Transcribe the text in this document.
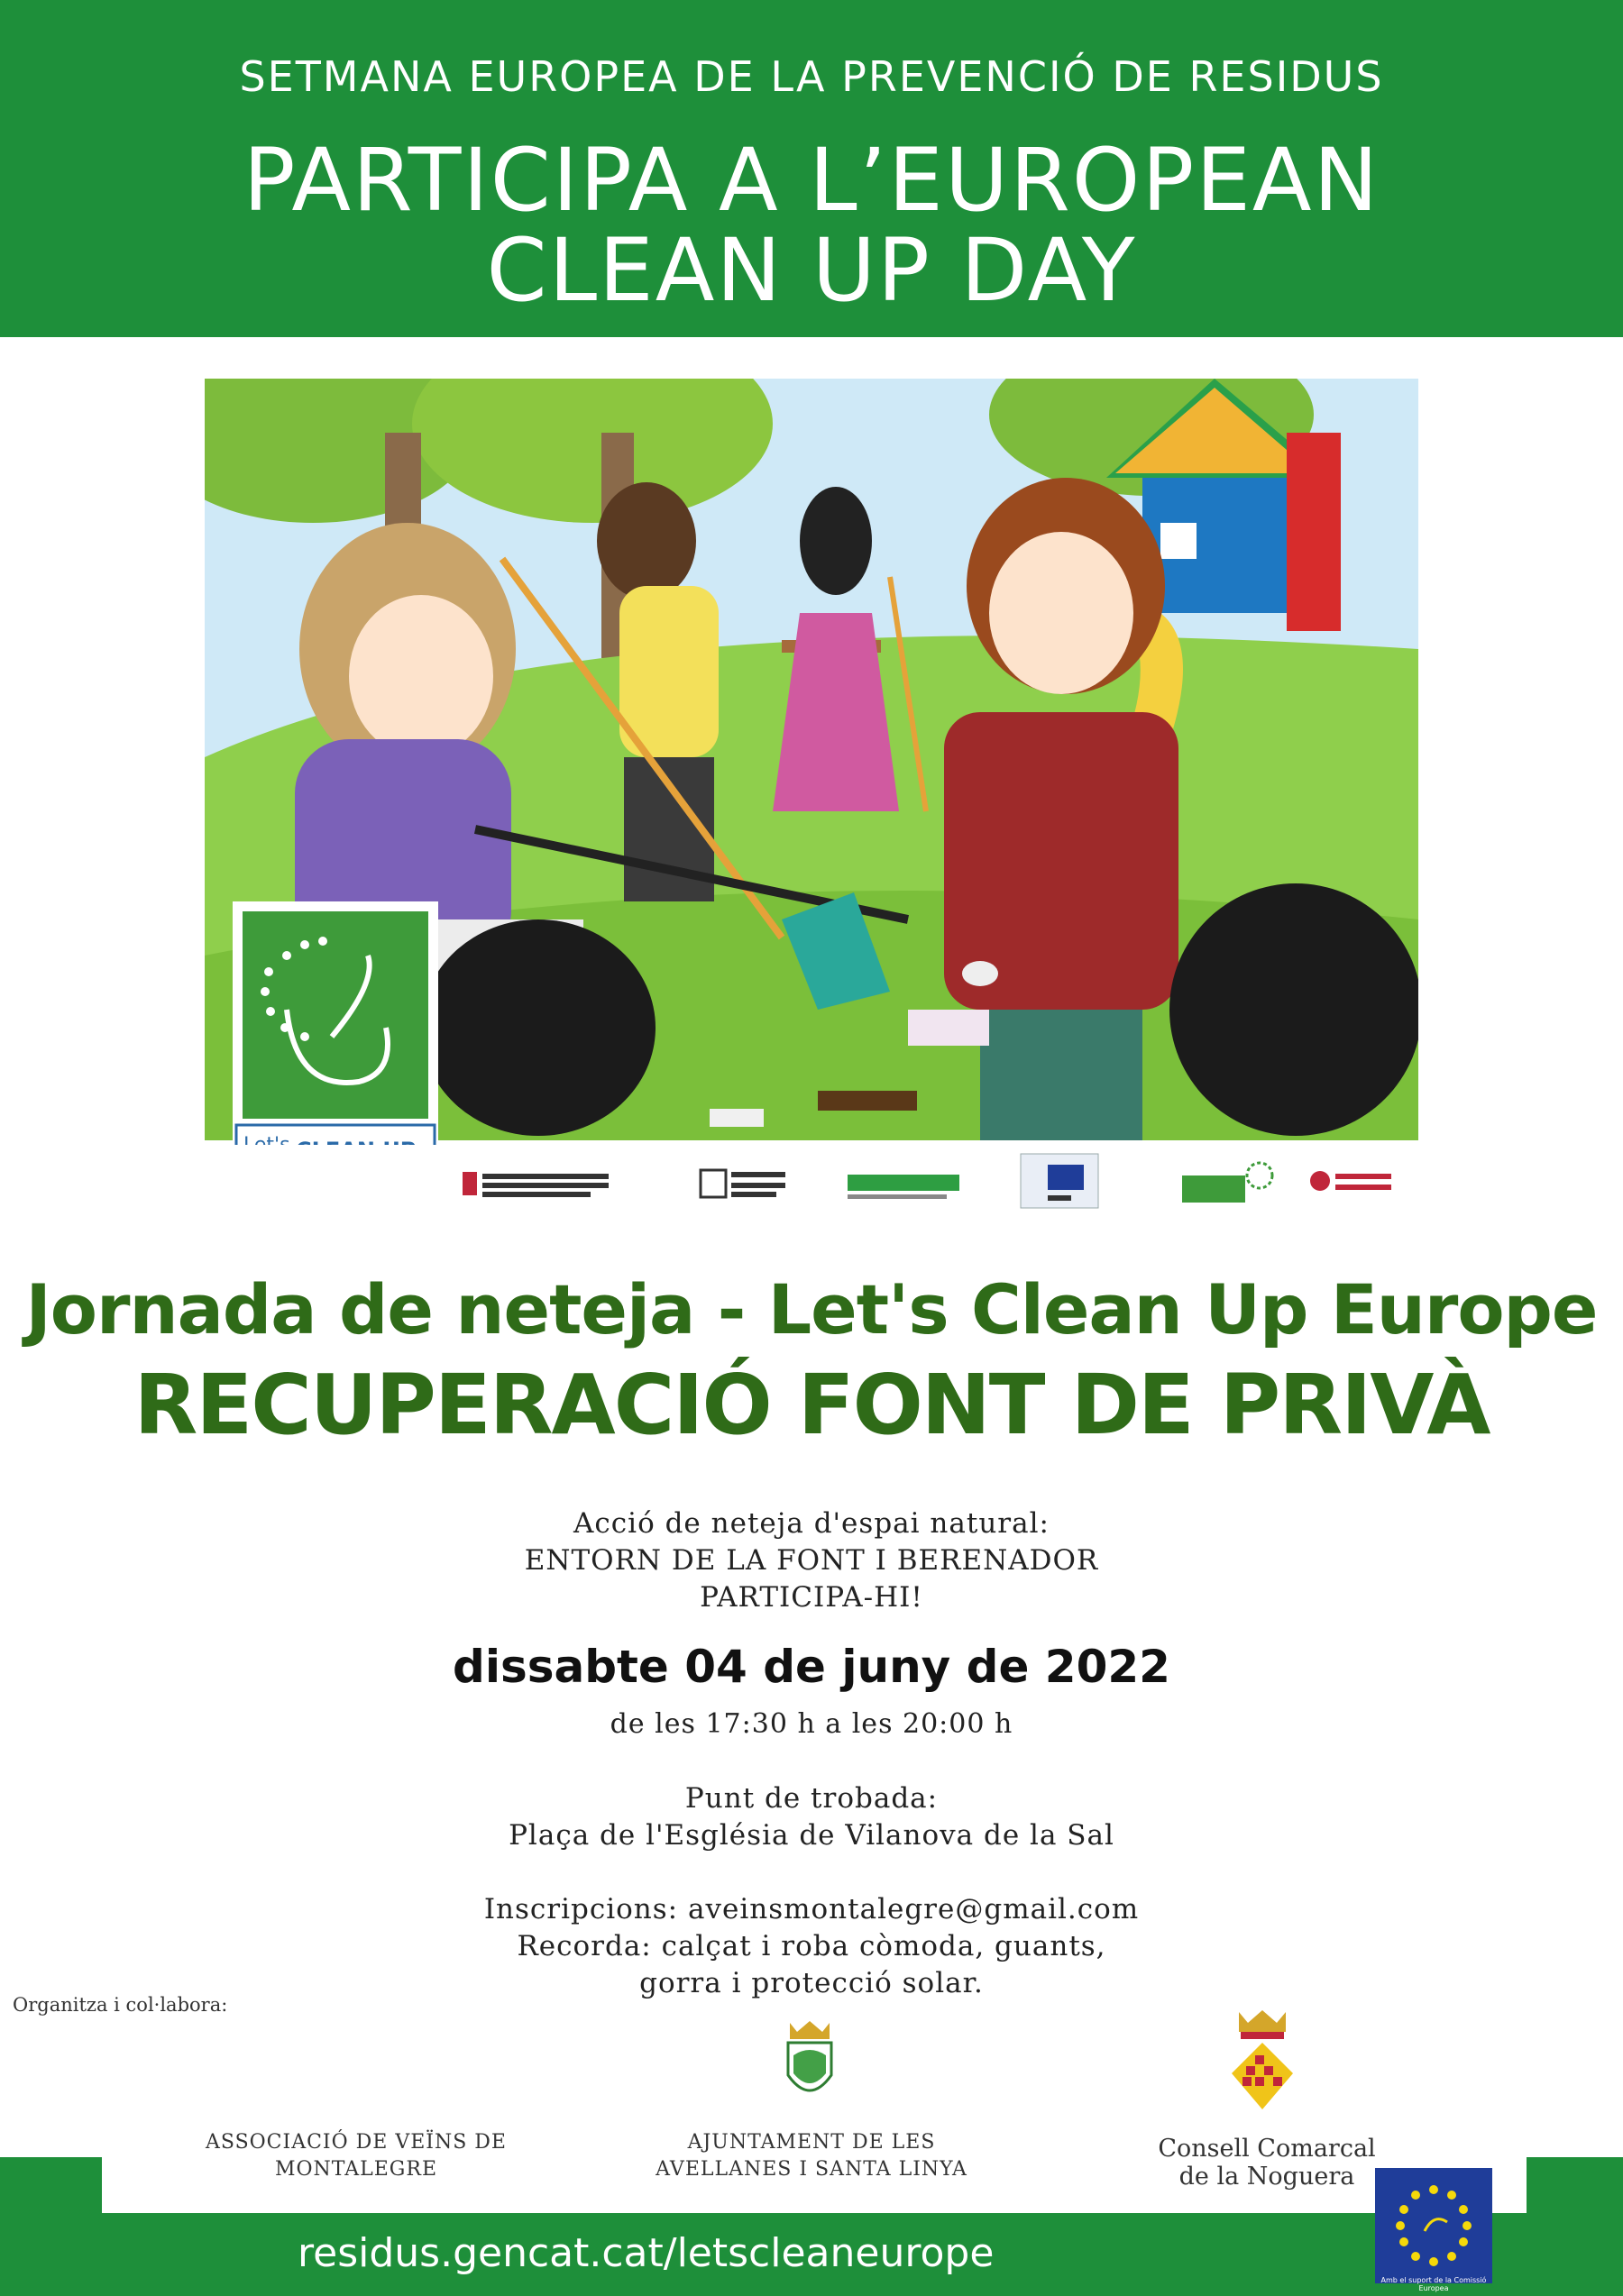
SETMANA EUROPEA DE LA PREVENCIÓ DE RESIDUS
PARTICIPA A L’EUROPEAN
CLEAN UP DAY
Jornada de neteja - Let's Clean Up Europe
RECUPERACIÓ FONT DE PRIVÀ
Acció de neteja d'espai natural:
ENTORN DE LA FONT I BERENADOR
PARTICIPA-HI!
dissabte 04 de juny de 2022
de les 17:30 h a les 20:00 h
Punt de trobada:
Plaça de l'Església de Vilanova de la Sal
Inscripcions: aveinsmontalegre@gmail.com
Recorda: calçat i roba còmoda, guants,
gorra i protecció solar.
Organitza i col·labora:
ASSOCIACIÓ DE VEÏNS DE
MONTALEGRE
AJUNTAMENT DE LES
AVELLANES I SANTA LINYA
Consell Comarcal
de la Noguera
residus.gencat.cat/letscleaneurope
Amb el suport de la Comissió Europea
